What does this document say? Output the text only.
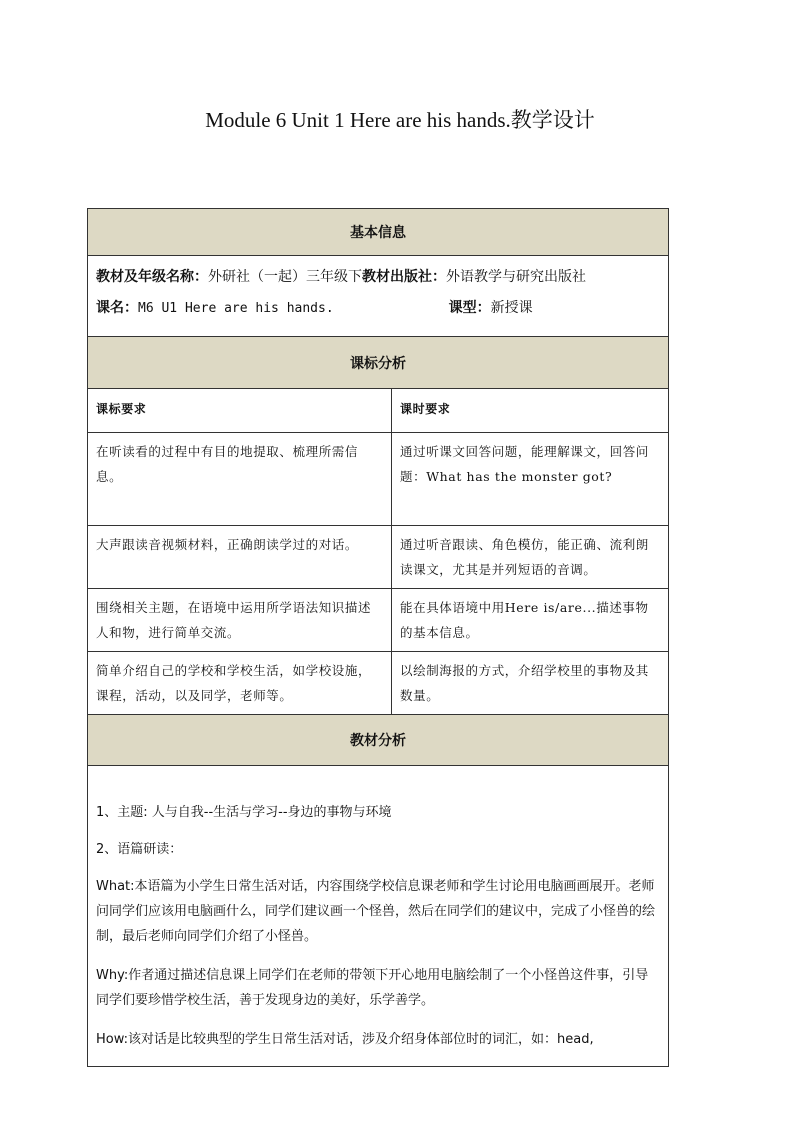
Module 6 Unit 1 Here are his hands.教学设计
基本信息	

教材及年级名称：外研社（一起）三年级下教材出版社：外语教学与研究出版社
课名：M6 U1 Here are his hands. 课型：新授课	

课标分析	
课标要求	课时要求
在听读看的过程中有目的地提取、梳理所需信息。	通过听课文回答问题，能理解课文，回答问题：What has the monster got?
大声跟读音视频材料，正确朗读学过的对话。	通过听音跟读、角色模仿，能正确、流利朗读课文，尤其是并列短语的音调。
围绕相关主题，在语境中运用所学语法知识描述人和物，进行简单交流。	能在具体语境中用Here is/are...描述事物的基本信息。
简单介绍自己的学校和学校生活，如学校设施，课程，活动，以及同学，老师等。	以绘制海报的方式，介绍学校里的事物及其数量。
教材分析	

1、主题: 人与自我--生活与学习--身边的事物与环境

2、语篇研读：

What:本语篇为小学生日常生活对话，内容围绕学校信息课老师和学生讨论用电脑画画展开。老师问同学们应该用电脑画什么，同学们建议画一个怪兽，然后在同学们的建议中，完成了小怪兽的绘制，最后老师向同学们介绍了小怪兽。

Why:作者通过描述信息课上同学们在老师的带领下开心地用电脑绘制了一个小怪兽这件事，引导同学们要珍惜学校生活，善于发现身边的美好，乐学善学。

How:该对话是比较典型的学生日常生活对话，涉及介绍身体部位时的词汇，如：head,	
